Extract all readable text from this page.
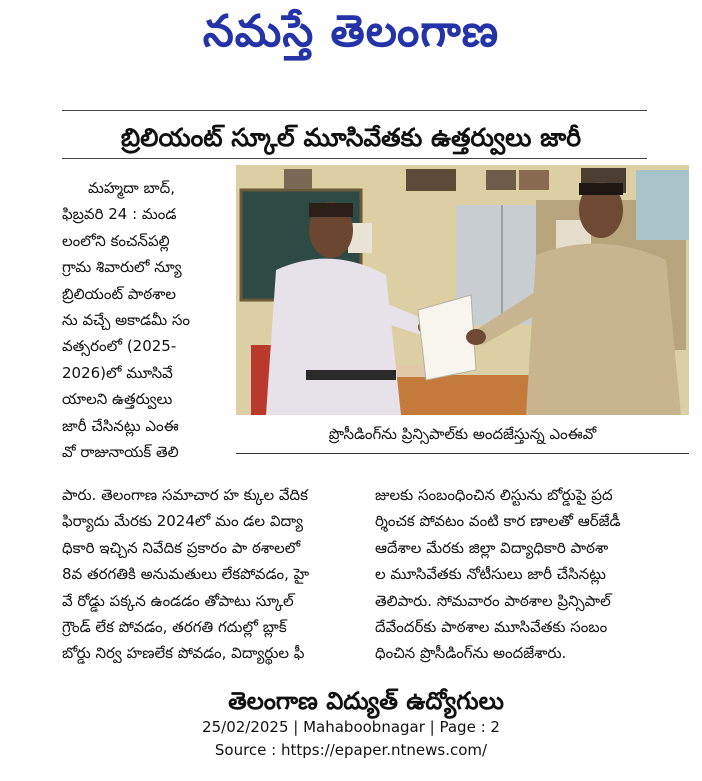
నమస్తే తెలంగాణ
బ్రిలియంట్ స్కూల్ మూసివేతకు ఉత్తర్వులు జారీ
మహ్మదా బాద్,
ఫిబ్రవరి 24 : మండ
లంలోని కంచన్‌పల్లి
గ్రామ శివారులో న్యూ
బ్రిలియంట్ పాఠశాల
ను వచ్చే అకాడమీ సం
వత్సరంలో (2025-
2026)లో మూసివే
యాలని ఉత్తర్వులు
జారీ చేసినట్లు ఎంఈ
వో రాజునాయక్ తెలి
ప్రొసీడింగ్‌ను ప్రిన్సిపాల్‌కు అందజేస్తున్న ఎంఈవో
పారు. తెలంగాణ సమాచార హ క్కుల వేదిక
ఫిర్యాదు మేరకు 2024లో మం డల విద్యా
ధికారి ఇచ్చిన నివేదిక ప్రకారం పా ఠశాలలో
8వ తరగతికి అనుమతులు లేకపోవడం, హై
వే రోడ్డు పక్కన ఉండడం తోపాటు స్కూల్
గ్రౌండ్ లేక పోవడం, తరగతి గదుల్లో బ్లాక్
బోర్డు నిర్వ హణలేక పోవడం, విద్యార్థుల ఫీ
జులకు సంబంధించిన లిస్టును బోర్డుపై ప్రద
ర్శించక పోవటం వంటి కార ణాలతో ఆర్‌జేడీ
ఆదేశాల మేరకు జిల్లా విద్యాధికారి పాఠశా
ల మూసివేతకు నోటీసులు జారీ చేసినట్లు
తెలిపారు. సోమవారం పాఠశాల ప్రిన్సిపాల్
దేవేందర్‌కు పాఠశాల మూసివేతకు సంబం
ధించిన ప్రొసీడింగ్‌ను అందజేశారు.
తెలంగాణ విద్యుత్ ఉద్యోగులు
25/02/2025 | Mahaboobnagar | Page : 2
Source : https://epaper.ntnews.com/
